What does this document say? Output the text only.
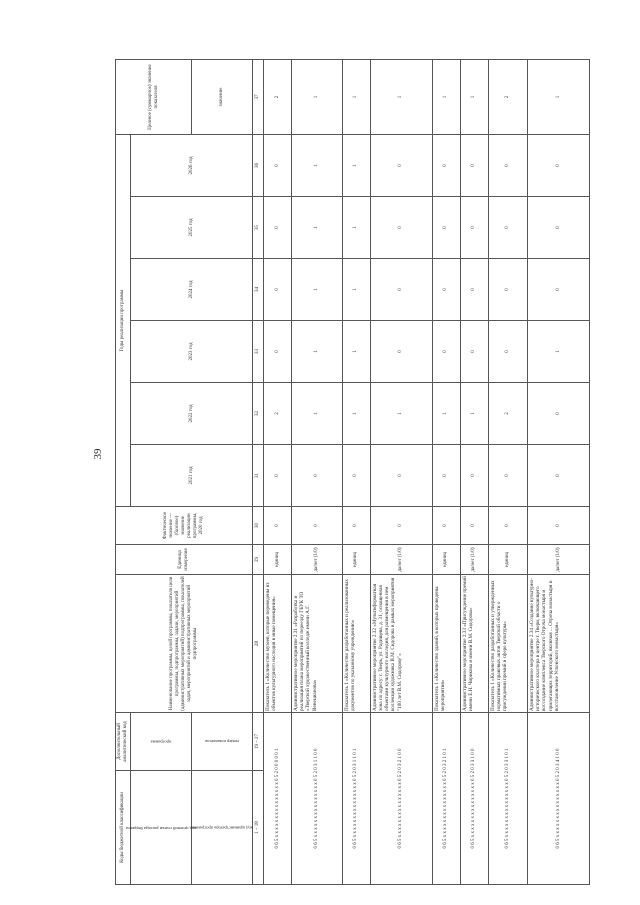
39
Коды бюджетной классификации	Дополнительный аналитический код	Наименование программы, целей программы, показателя цели программы, подпрограммы, задачи, мероприятий (административных мероприятий) подпрограммы, показателей задач, мероприятий и административных мероприятий подпрограммы	Единица измерения	Фактическое значение — (базовое) значение реализации программы, 2020 год	Годы реализации программы						Целевое (суммарное) значение показателя
код целевой статьи расхода бюджета	программа				2021 год	2022 год	2023 год	2024 год	2025 год	2026 год	
код администратора программы	номер показателя										значение
1 – 18	19 – 27	28	29	30	31	32	33	34	35	36	37
0 6 5 x x x x x x x x x x x x x x x 0 5 2 0 0 0 0 0 1		Показатель 1 «Количество музеев, которые переведены из объектов культурного наследия в иные помещения»	единиц	0	0	2	0	0	0	0	2
0 6 5 x x x x x x x x x x x x x x x 0 5 2 0 3 1 1 0 0		Административное мероприятие 2.31 «Разработка и реализация плана мероприятий по переезду ГБУК ТО «Тверской художественный колледж имени А.Г. Венецианова»	да/нет (1/0)	0	0	1	1	1	1	1	1
0 6 5 x x x x x x x x x x x x x x x 0 5 2 0 3 1 1 0 1		Показатель 1 «Количество разработанных и реализованных документов по указанному учреждению»	единиц	0	0	1	1	1	1	1	1
0 6 5 x x x x x x x x x x x x x x x 0 5 2 0 3 2 1 0 0		Административное мероприятие 2.32 «Мультиформатная зона по адресу: г. Тверь, ул. Радищева, д. 31, оснащенная объектами культурного наследия, для размещения в нем коллекции художника В.М. Сидорова в рамках мероприятия "100 лет В.М. Сидорову"»	да/нет (1/0)	0	0	1	0	0	0	0	1
0 6 5 x x x x x x x x x x x x x x x 0 5 2 0 3 2 1 0 1		Показатель 1 «Количество зданий, в которых проведены мероприятия»	единиц	0	0	1	0	0	0	0	1
0 6 5 x x x x x x x x x x x x x x x 0 5 2 0 3 3 1 0 0		Административное мероприятие 2.33 «Присуждение премий имени Е.Н. Чирикова и имени В.М. Сидорова»	да/нет (1/0)	0	0	1	0	0	0	0	1
0 6 5 x x x x x x x x x x x x x x x 0 5 2 0 3 3 1 0 1		Показатель 1 «Количество разработанных и утвержденных нормативных правовых актов Тверской области о присуждении премий в сфере культуры»	единиц	0	0	2	0	0	0	0	2
0 6 5 x x x x x x x x x x x x x x x 0 5 2 0 3 4 1 0 0		Административное мероприятие 2.34 «Создание культурно-исторического кластера в центре г. Твери, включающего воссоздание комплекса Тверского Отроча монастыря и прилегающих территорий, включая ... Отроча монастыря и восстановление Успенского монастыря»	да/нет (1/0)	0	0	0	1	0	0	0	1
